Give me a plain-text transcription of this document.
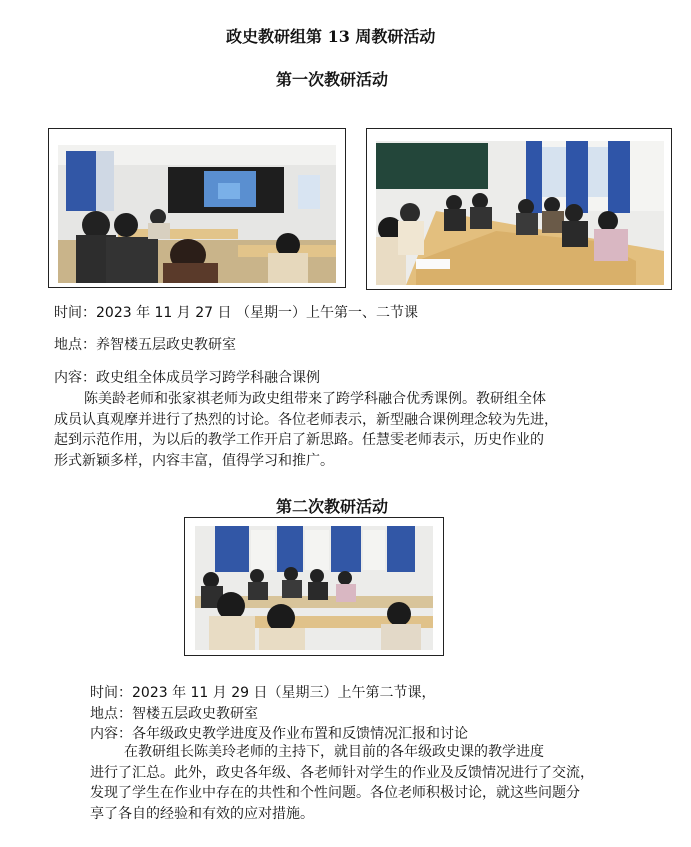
政史教研组第 13 周教研活动
第一次教研活动
时间：2023 年 11 月 27 日 （星期一）上午第一、二节课
地点：养智楼五层政史教研室
内容：政史组全体成员学习跨学科融合课例
陈美龄老师和张家祺老师为政史组带来了跨学科融合优秀课例。教研组全体
成员认真观摩并进行了热烈的讨论。各位老师表示，新型融合课例理念较为先进，
起到示范作用，为以后的教学工作开启了新思路。任慧雯老师表示，历史作业的
形式新颖多样，内容丰富，值得学习和推广。
第二次教研活动
时间：2023 年 11 月 29 日（星期三）上午第二节课，
地点：智楼五层政史教研室
内容：各年级政史教学进度及作业布置和反馈情况汇报和讨论
在教研组长陈美玲老师的主持下，就目前的各年级政史课的教学进度
进行了汇总。此外，政史各年级、各老师针对学生的作业及反馈情况进行了交流，
发现了学生在作业中存在的共性和个性问题。各位老师积极讨论，就这些问题分
享了各自的经验和有效的应对措施。
